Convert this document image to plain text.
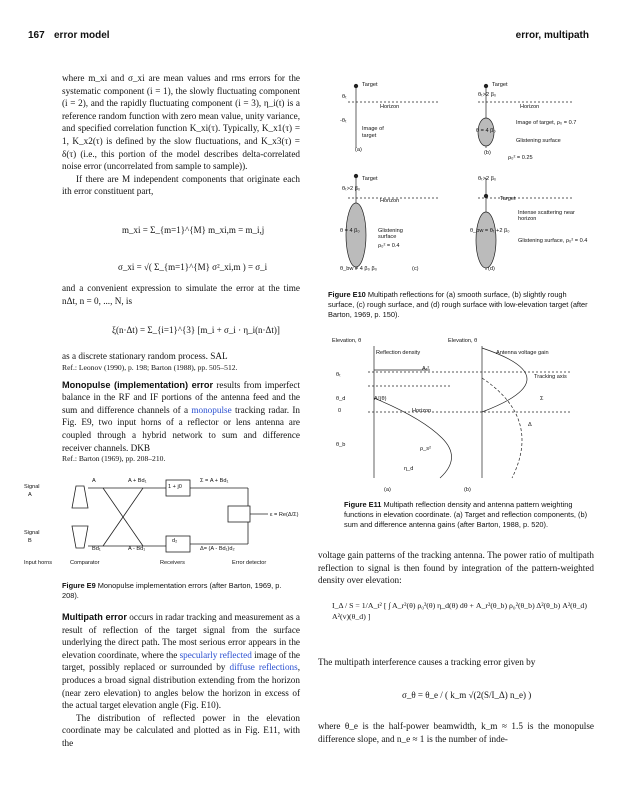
167 error model	error, multipath

where m_xi and σ_xi are mean values and rms errors for the systematic component (i = 1), the slowly fluctuating component (i = 2), and the rapidly fluctuating component (i = 3), η_i(t) is a reference random function with zero mean value, unity variance, and specified correlation function K_xi(τ). Typically, K_x1(τ) = 1, K_x2(τ) is defined by the slow fluctuations, and K_x3(τ) = δ(τ) (i.e., this portion of the model describes delta-correlated noise error (uncorrelated from sample to sample)).

If there are M independent components that originate each ith error constituent part,

m_xi = Σ_{m=1}^{M} m_xi,m = m_i,j
σ_xi = √( Σ_{m=1}^{M} σ²_xi,m ) = σ_i

and a convenient expression to simulate the error at the time nΔt, n = 0, ..., N, is

ξ(n·Δt) = Σ_{i=1}^{3} [m_i + σ_i · η_i(n·Δt)]

as a discrete stationary random process. SAL

Ref.: Leonov (1990), p. 198; Barton (1988), pp. 505–512.

Monopulse (implementation) error results from imperfect balance in the RF and IF portions of the antenna feed and the sum and difference channels of a monopulse tracking radar. In Fig. E9, two input horns of a reflector or lens antenna are coupled through a hybrid network to sum and difference receiver channels. DKB

Ref.: Barton (1969), pp. 208–210.

Signal
A
Signal
B
A	A + Bd₁
1 + j0
Σ = A + Bd₁
Bd₁	A - Bd₁
d₂
Δ= (A - Bd₁)d₂
ε = Re(Δ/Σ)
Input horns	Comparator	Receivers	Error detector
Figure E9 Monopulse implementation errors (after Barton, 1969, p. 208).

Multipath error occurs in radar tracking and measurement as a result of reflection of the target signal from the surface underlying the direct path. The most serious error appears in the elevation coordinate, where the specularly reflected image of the target, possibly replaced or surrounded by diffuse reflections, produces a broad signal distribution extending from the horizon (near zero elevation) to angles below the horizon in excess of the actual target elevation angle (Fig. E10).

The distribution of reflected power in the elevation coordinate may be calculated and plotted as in Fig. E11, with the

Target
θₜ
Horizon
-θₜ
Image of
target
(a)
Target
θₜ>2 β₀
Horizon
θ = 4 β₀
Image of target, ρ₀ = 0.7
Glistening surface
(b)
ρ₀² = 0.25
Target
θₜ>2 β₀
Horizon
θ = 4 β₀	Glistening surface
ρ₀² = 0.4
θ_bw = 4 β₀ β₀	(c)
θₜ>2 β₀
Target
Intense scattering near horizon
θ_bw = θₜ +2 β₀
Glistening surface, ρ₀² = 0.4
(d)
Figure E10 Multipath reflections for (a) smooth surface, (b) slightly rough surface, (c) rough surface, and (d) rough surface with low-elevation target (after Barton, 1969, p. 150).
Elevation, θ	Elevation, θ
Reflection density	Antenna voltage gain
θₜ
Aₜ²
Tracking axis
θ_d	A²(θ)	Σ
0	Horizon
Δ
θ_b
ρ_s²
η_d
(a)	(b)
Figure E11 Multipath reflection density and antenna pattern weighting functions in elevation coordinate. (a) Target and reflection components, (b) sum and difference antenna gains (after Barton, 1988, p. 520).

voltage gain patterns of the tracking antenna. The power ratio of multipath reflection to signal is then found by integration of the pattern-weighted density over elevation:

I_Δ / S = 1/A_t² [ ∫ A_r²(θ) ρ₀²(θ) η_d(θ) dθ + A_r²(θ_b) ρ₀²(θ_b) Δ²(θ_b) A²(θ_d) A²(v)(θ_d) ]

The multipath interference causes a tracking error given by

σ_θ = θ_e / ( k_m √(2(S/I_Δ) n_e) )

where θ_e is the half-power beamwidth, k_m ≈ 1.5 is the monopulse difference slope, and n_e ≈ 1 is the number of inde-
